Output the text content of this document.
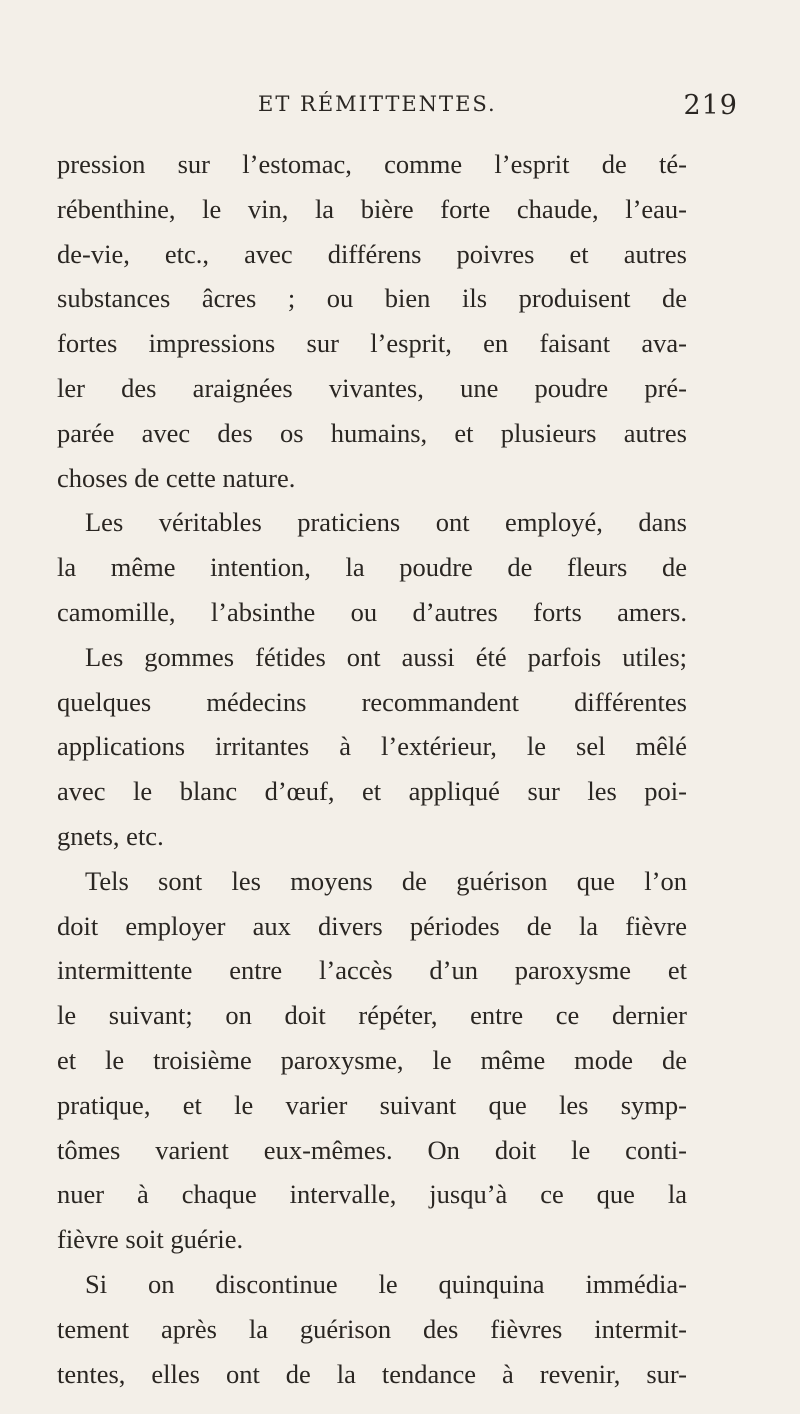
ET RÉMITTENTES.	219
pression sur l’estomac, comme l’esprit de té-
rébenthine, le vin, la bière forte chaude, l’eau-
de-vie, etc., avec différens poivres et autres
substances âcres ; ou bien ils produisent de
fortes impressions sur l’esprit, en faisant ava-
ler des araignées vivantes, une poudre pré-
parée avec des os humains, et plusieurs autres
choses de cette nature.
Les véritables praticiens ont employé, dans
la même intention, la poudre de fleurs de
camomille, l’absinthe ou d’autres forts amers.
Les gommes fétides ont aussi été parfois utiles;
quelques médecins recommandent différentes
applications irritantes à l’extérieur, le sel mêlé
avec le blanc d’œuf, et appliqué sur les poi-
gnets, etc.
Tels sont les moyens de guérison que l’on
doit employer aux divers périodes de la fièvre
intermittente entre l’accès d’un paroxysme et
le suivant; on doit répéter, entre ce dernier
et le troisième paroxysme, le même mode de
pratique, et le varier suivant que les symp-
tômes varient eux-mêmes. On doit le conti-
nuer à chaque intervalle, jusqu’à ce que la
fièvre soit guérie.
Si on discontinue le quinquina immédia-
tement après la guérison des fièvres intermit-
tentes, elles ont de la tendance à revenir, sur-
